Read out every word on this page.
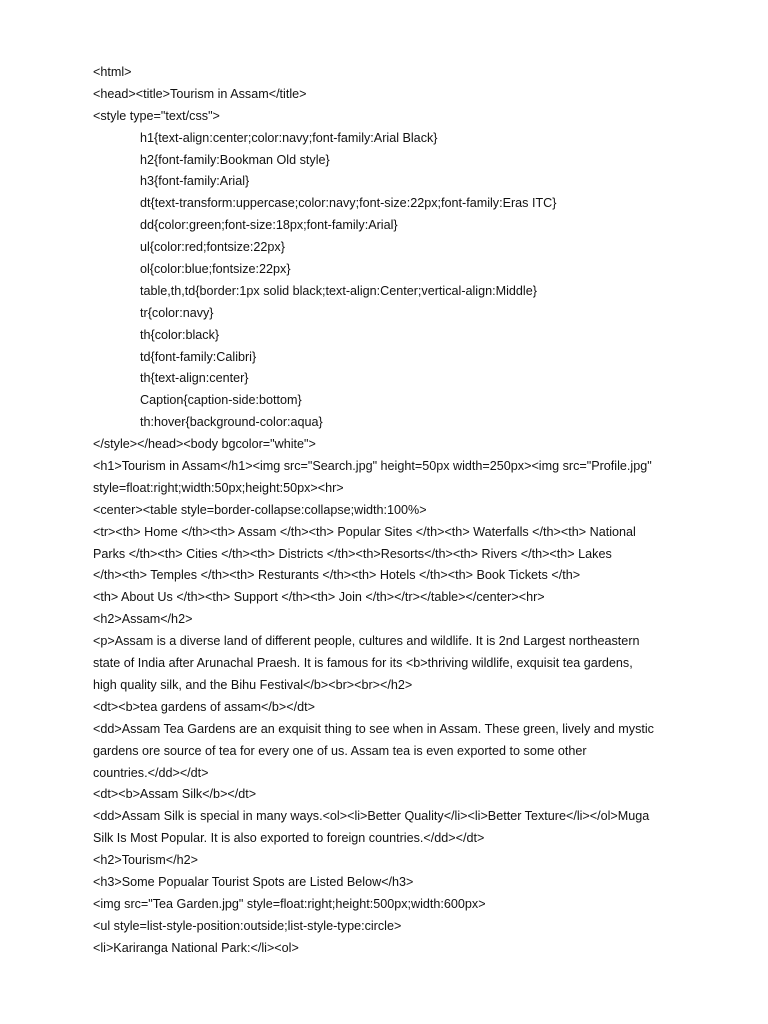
<html>
<head><title>Tourism in Assam</title>
<style type="text/css">
h1{text-align:center;color:navy;font-family:Arial Black}
h2{font-family:Bookman Old style}
h3{font-family:Arial}
dt{text-transform:uppercase;color:navy;font-size:22px;font-family:Eras ITC}
dd{color:green;font-size:18px;font-family:Arial}
ul{color:red;fontsize:22px}
ol{color:blue;fontsize:22px}
table,th,td{border:1px solid black;text-align:Center;vertical-align:Middle}
tr{color:navy}
th{color:black}
td{font-family:Calibri}
th{text-align:center}
Caption{caption-side:bottom}
th:hover{background-color:aqua}
</style></head><body bgcolor="white">
<h1>Tourism in Assam</h1><img src="Search.jpg" height=50px width=250px><img src="Profile.jpg"
style=float:right;width:50px;height:50px><hr>
<center><table style=border-collapse:collapse;width:100%>
<tr><th> Home </th><th> Assam </th><th> Popular Sites </th><th> Waterfalls </th><th> National
Parks </th><th> Cities </th><th> Districts </th><th>Resorts</th><th> Rivers </th><th> Lakes
</th><th> Temples </th><th> Resturants </th><th> Hotels </th><th> Book Tickets </th>
<th> About Us </th><th> Support </th><th> Join </th></tr></table></center><hr>
<h2>Assam</h2>
<p>Assam is a diverse land of different people, cultures and wildlife. It is 2nd Largest northeastern
state of India after Arunachal Praesh. It is famous for its <b>thriving wildlife, exquisit tea gardens,
high quality silk, and the Bihu Festival</b><br><br></h2>
<dt><b>tea gardens of assam</b></dt>
<dd>Assam Tea Gardens are an exquisit thing to see when in Assam. These green, lively and mystic
gardens ore source of tea for every one of us. Assam tea is even exported to some other
countries.</dd></dt>
<dt><b>Assam Silk</b></dt>
<dd>Assam Silk is special in many ways.<ol><li>Better Quality</li><li>Better Texture</li></ol>Muga
Silk Is Most Popular. It is also exported to foreign countries.</dd></dt>
<h2>Tourism</h2>
<h3>Some Popualar Tourist Spots are Listed Below</h3>
<img src="Tea Garden.jpg" style=float:right;height:500px;width:600px>
<ul style=list-style-position:outside;list-style-type:circle>
<li>Kariranga National Park:</li><ol>
